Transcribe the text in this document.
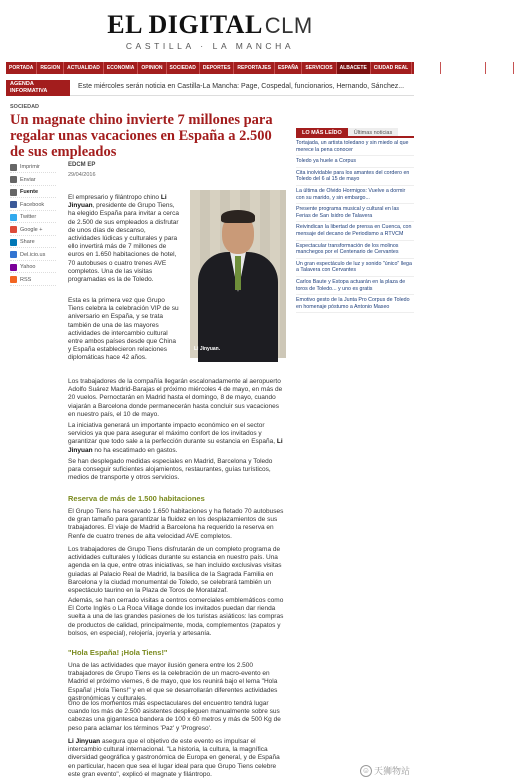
EL DIGITALCLM
CASTILLA · LA MANCHA
PORTADA	REGION	ACTUALIDAD	ECONOMIA	OPINION	SOCIEDAD	DEPORTES	REPORTAJES	ESPAÑA	SERVICIOS	ALBACETE	CIUDAD REAL	CUENCA	GUADALAJARA	TOLEDO
AGENDA
INFORMATIVA
Este miércoles serán noticia en Castilla-La Mancha: Page, Cospedal, funcionarios, Hernando, Sánchez...
SOCIEDAD
Un magnate chino invierte 7 millones para regalar unas vacaciones en España a 2.500 de sus empleados
Imprimir
Enviar
Fuente
Facebook
Twitter
Google +
Share
Del.icio.us
Yahoo
RSS
EDCM EP
29/04/2016

El empresario y filántropo chino Li Jinyuan, presidente de Grupo Tiens, ha elegido España para invitar a cerca de 2.500 de sus empleados a disfrutar de unos días de descanso, actividades lúdicas y culturales y para ello invertirá más de 7 millones de euros en 1.650 habitaciones de hotel, 70 autobuses o cuatro trenes AVE completos. Una de las visitas programadas es la de Toledo.

Esta es la primera vez que Grupo Tiens celebra la celebración VIP de su aniversario en España, y se trata también de una de las mayores actividades de intercambio cultural entre ambos países desde que China y España establecieron relaciones diplomáticas hace 42 años.

Li Jinyuan.

Los trabajadores de la compañía llegarán escalonadamente al aeropuerto Adolfo Suárez Madrid-Barajas el próximo miércoles 4 de mayo, en más de 20 vuelos. Pernoctarán en Madrid hasta el domingo, 8 de mayo, cuando viajarán a Barcelona donde permanecerán hasta concluir sus vacaciones en nuestro país, el 10 de mayo.

La iniciativa generará un importante impacto económico en el sector servicios ya que para asegurar el máximo confort de los invitados y garantizar que todo sale a la perfección durante su estancia en España, Li Jinyuan no ha escatimado en gastos.

Se han desplegado medidas especiales en Madrid, Barcelona y Toledo para conseguir suficientes alojamientos, restaurantes, guías turísticos, medios de transporte y otros servicios.

Reserva de más de 1.500 habitaciones

El Grupo Tiens ha reservado 1.650 habitaciones y ha fletado 70 autobuses de gran tamaño para garantizar la fluidez en los desplazamientos de sus trabajadores. El viaje de Madrid a Barcelona ha requerido la reserva en Renfe de cuatro trenes de alta velocidad AVE completos.

Los trabajadores de Grupo Tiens disfrutarán de un completo programa de actividades culturales y lúdicas durante su estancia en nuestro país. Una agenda en la que, entre otras iniciativas, se han incluido exclusivas visitas guiadas al Palacio Real de Madrid, la basílica de la Sagrada Familia en Barcelona y la ciudad monumental de Toledo, se celebrará también un espectáculo taurino en la Plaza de Toros de Moratalzaf.

Además, se han cerrado visitas a centros comerciales emblemáticos como El Corte Inglés o La Roca Village donde los invitados puedan dar rienda suelta a una de las grandes pasiones de los turistas asiáticos: las compras de productos de calidad, principalmente, moda, complementos (zapatos y bolsos, en especial), relojería, joyería y artesanía.

"Hola España! ¡Hola Tiens!"

Una de las actividades que mayor ilusión genera entre los 2.500 trabajadores de Grupo Tiens es la celebración de un macro-evento en Madrid el próximo viernes, 6 de mayo, que los reunirá bajo el lema "Hola España! ¡Hola Tiens!" y en el que se desarrollarán diferentes actividades gastronómicas y culturales.

Uno de los momentos más espectaculares del encuentro tendrá lugar cuando los más de 2.500 asistentes desplieguen manualmente sobre sus cabezas una gigantesca bandera de 100 x 60 metros y más de 500 Kg de peso para aclamar los términos 'Paz' y 'Progreso'.

Li Jinyuan asegura que el objetivo de este evento es impulsar el intercambio cultural internacional. "La historia, la cultura, la magnífica diversidad geográfica y gastronómica de Europa en general, y de España en particular, hacen que sea el lugar ideal para que Grupo Tiens celebre este gran evento", explicó el magnate y filántropo.

LO MÁS LEÍDO	Últimas noticias
Tortajada, un artista toledano y sin miedo al que merece la pena conocer
Toledo ya huele a Corpus
Cita inolvidable para los amantes del cordero en Toledo del 6 al 15 de mayo
La última de Olvido Hormigos: Vuelve a dormir con su marido, y sin embargo...
Presente programa musical y cultural en las Ferias de San Isidro de Talavera
Reivindican la libertad de prensa en Cuenca, con mensaje del decano de Periodismo a RTVCM
Espectacular transformación de los molinos manchegos por el Centenario de Cervantes
Un gran espectáculo de luz y sonido "único" llega a Talavera con Cervantes
Carlos Baute y Estopa actuarán en la plaza de toros de Toledo... y uno es gratis
Emotivo gesto de la Junta Pro Corpus de Toledo en homenaje póstumo a Antonio Maseo
☺ 天狮物站
